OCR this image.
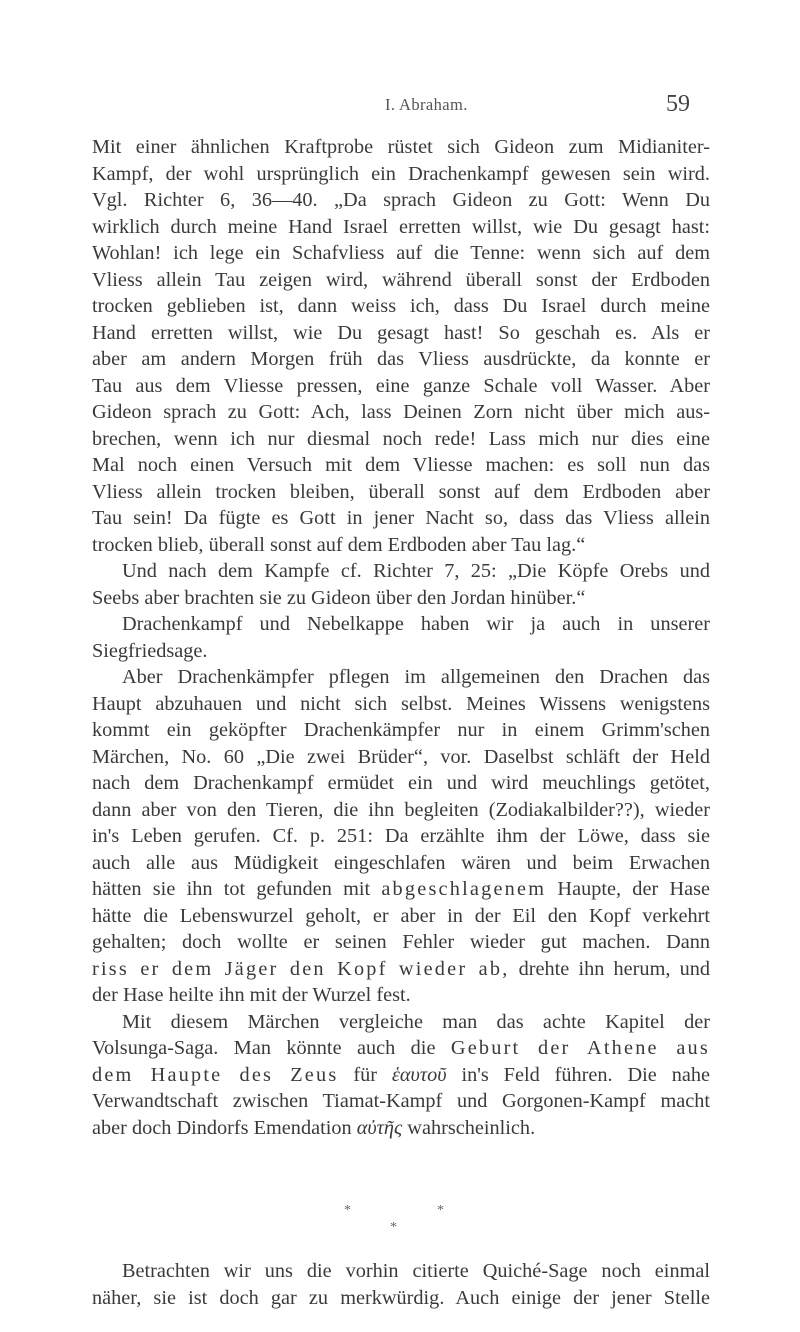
I. Abraham.	59
Mit einer ähnlichen Kraftprobe rüstet sich Gideon zum Midianiter-
Kampf, der wohl ursprünglich ein Drachenkampf gewesen sein wird.
Vgl. Richter 6, 36—40. „Da sprach Gideon zu Gott: Wenn Du
wirklich durch meine Hand Israel erretten willst, wie Du gesagt hast:
Wohlan! ich lege ein Schafvliess auf die Tenne: wenn sich auf dem
Vliess allein Tau zeigen wird, während überall sonst der Erdboden
trocken geblieben ist, dann weiss ich, dass Du Israel durch meine
Hand erretten willst, wie Du gesagt hast! So geschah es. Als er
aber am andern Morgen früh das Vliess ausdrückte, da konnte er
Tau aus dem Vliesse pressen, eine ganze Schale voll Wasser. Aber
Gideon sprach zu Gott: Ach, lass Deinen Zorn nicht über mich aus-
brechen, wenn ich nur diesmal noch rede! Lass mich nur dies eine
Mal noch einen Versuch mit dem Vliesse machen: es soll nun das
Vliess allein trocken bleiben, überall sonst auf dem Erdboden aber
Tau sein! Da fügte es Gott in jener Nacht so, dass das Vliess allein
trocken blieb, überall sonst auf dem Erdboden aber Tau lag.“
Und nach dem Kampfe cf. Richter 7, 25: „Die Köpfe Orebs und
Seebs aber brachten sie zu Gideon über den Jordan hinüber.“
Drachenkampf und Nebelkappe haben wir ja auch in unserer
Siegfriedsage.
Aber Drachenkämpfer pflegen im allgemeinen den Drachen das
Haupt abzuhauen und nicht sich selbst. Meines Wissens wenigstens
kommt ein geköpfter Drachenkämpfer nur in einem Grimm'schen
Märchen, No. 60 „Die zwei Brüder“, vor. Daselbst schläft der Held
nach dem Drachenkampf ermüdet ein und wird meuchlings getötet,
dann aber von den Tieren, die ihn begleiten (Zodiakalbilder??), wieder
in's Leben gerufen. Cf. p. 251: Da erzählte ihm der Löwe, dass sie
auch alle aus Müdigkeit eingeschlafen wären und beim Erwachen
hätten sie ihn tot gefunden mit abgeschlagenem Haupte, der Hase
hätte die Lebenswurzel geholt, er aber in der Eil den Kopf verkehrt
gehalten; doch wollte er seinen Fehler wieder gut machen. Dann
riss er dem Jäger den Kopf wieder ab, drehte ihn herum, und
der Hase heilte ihn mit der Wurzel fest.
Mit diesem Märchen vergleiche man das achte Kapitel der
Volsunga-Saga. Man könnte auch die Geburt der Athene aus
dem Haupte des Zeus für ἑαυτοῦ in's Feld führen. Die nahe
Verwandtschaft zwischen Tiamat-Kampf und Gorgonen-Kampf macht
aber doch Dindorfs Emendation αὐτῆς wahrscheinlich.
*	*
*
Betrachten wir uns die vorhin citierte Quiché-Sage noch einmal
näher, sie ist doch gar zu merkwürdig. Auch einige der jener Stelle
